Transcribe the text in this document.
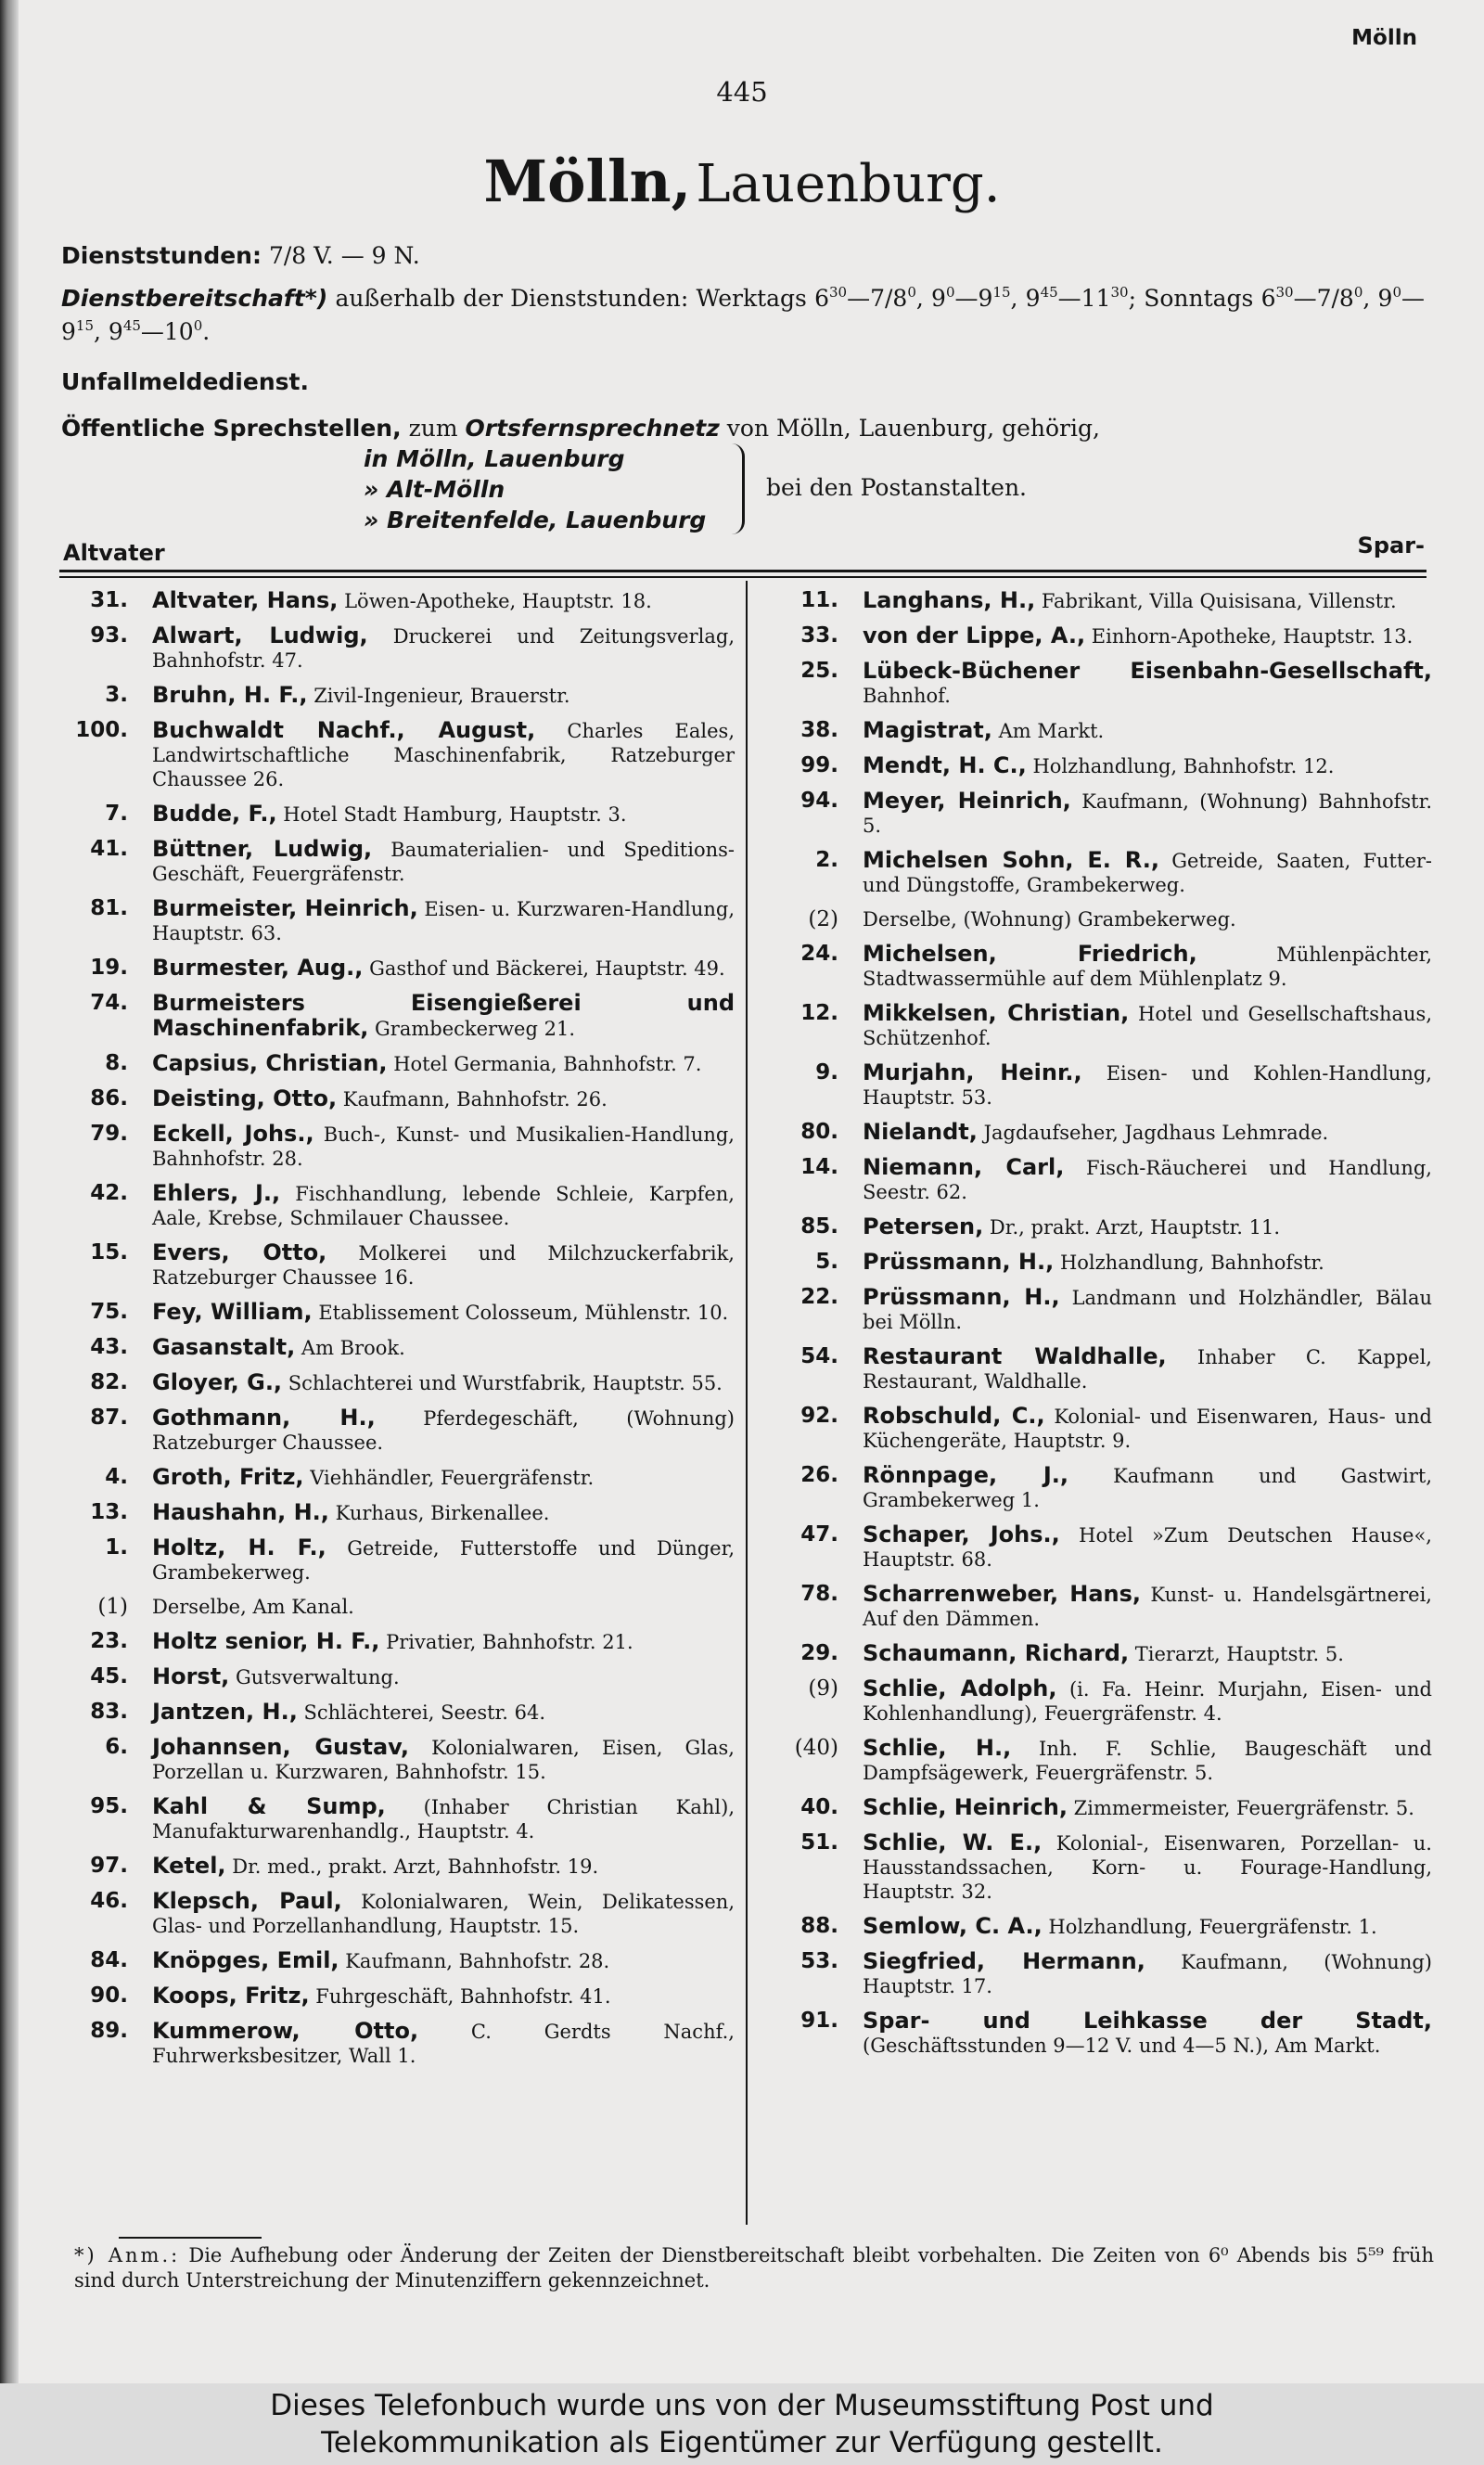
Mölln
445
Mölln, Lauenburg.
Dienststunden: 7/8 V. — 9 N.
Dienstbereitschaft*) außerhalb der Dienststunden: Werktags $6^{30}—7/8^0$, $9^0—9^{15}$, $9^{45}—11^{30}$; Sonntags $6^{30}—7/8^0$, $9^0—9^{15}$, $9^{45}—10^0$.
Unfallmeldedienst.
Öffentliche Sprechstellen, zum Ortsfernsprechnetz von Mölln, Lauenburg, gehörig,
in Mölln, Lauenburg
» Alt-Mölln
» Breitenfelde, Lauenburg
bei den Postanstalten.
Altvater	Spar-
31. Altvater, Hans, Löwen-Apotheke, Hauptstr. 18.
93. Alwart, Ludwig, Druckerei und Zeitungsverlag, Bahnhofstr. 47.
3. Bruhn, H. F., Zivil-Ingenieur, Brauerstr.
100. Buchwaldt Nachf., August, Charles Eales, Landwirtschaftliche Maschinenfabrik, Ratzeburger Chaussee 26.
7. Budde, F., Hotel Stadt Hamburg, Hauptstr. 3.
41. Büttner, Ludwig, Baumaterialien- und Speditions-Geschäft, Feuergräfenstr.
81. Burmeister, Heinrich, Eisen- u. Kurzwaren-Handlung, Hauptstr. 63.
19. Burmester, Aug., Gasthof und Bäckerei, Hauptstr. 49.
74. Burmeisters Eisengießerei und Maschinenfabrik, Grambeckerweg 21.
8. Capsius, Christian, Hotel Germania, Bahnhofstr. 7.
86. Deisting, Otto, Kaufmann, Bahnhofstr. 26.
79. Eckell, Johs., Buch-, Kunst- und Musikalien-Handlung, Bahnhofstr. 28.
42. Ehlers, J., Fischhandlung, lebende Schleie, Karpfen, Aale, Krebse, Schmilauer Chaussee.
15. Evers, Otto, Molkerei und Milchzuckerfabrik, Ratzeburger Chaussee 16.
75. Fey, William, Etablissement Colosseum, Mühlenstr. 10.
43. Gasanstalt, Am Brook.
82. Gloyer, G., Schlachterei und Wurstfabrik, Hauptstr. 55.
87. Gothmann, H., Pferdegeschäft, (Wohnung) Ratzeburger Chaussee.
4. Groth, Fritz, Viehhändler, Feuergräfenstr.
13. Haushahn, H., Kurhaus, Birkenallee.
1. Holtz, H. F., Getreide, Futterstoffe und Dünger, Grambekerweg.
(1) Derselbe, Am Kanal.
23. Holtz senior, H. F., Privatier, Bahnhofstr. 21.
45. Horst, Gutsverwaltung.
83. Jantzen, H., Schlächterei, Seestr. 64.
6. Johannsen, Gustav, Kolonialwaren, Eisen, Glas, Porzellan u. Kurzwaren, Bahnhofstr. 15.
95. Kahl & Sump, (Inhaber Christian Kahl), Manufakturwarenhandlg., Hauptstr. 4.
97. Ketel, Dr. med., prakt. Arzt, Bahnhofstr. 19.
46. Klepsch, Paul, Kolonialwaren, Wein, Delikatessen, Glas- und Porzellanhandlung, Hauptstr. 15.
84. Knöpges, Emil, Kaufmann, Bahnhofstr. 28.
90. Koops, Fritz, Fuhrgeschäft, Bahnhofstr. 41.
89. Kummerow, Otto,	C. Gerdts Nachf., Fuhrwerksbesitzer, Wall 1.
11. Langhans, H., Fabrikant, Villa Quisisana, Villenstr.
33. von der Lippe, A., Einhorn-Apotheke, Hauptstr. 13.
25. Lübeck-Büchener Eisenbahn-Gesellschaft, Bahnhof.
38. Magistrat, Am Markt.
99. Mendt, H. C., Holzhandlung, Bahnhofstr. 12.
94. Meyer, Heinrich, Kaufmann, (Wohnung) Bahnhofstr. 5.
2. Michelsen Sohn, E. R., Getreide, Saaten, Futter- und Düngstoffe, Grambekerweg.
(2) Derselbe, (Wohnung) Grambekerweg.
24. Michelsen, Friedrich,	Mühlenpächter, Stadtwassermühle auf dem Mühlenplatz 9.
12. Mikkelsen, Christian, Hotel und Gesellschaftshaus, Schützenhof.
9. Murjahn, Heinr., Eisen- und Kohlen-Handlung, Hauptstr. 53.
80. Nielandt, Jagdaufseher, Jagdhaus Lehmrade.
14. Niemann, Carl, Fisch-Räucherei und Handlung, Seestr. 62.
85. Petersen, Dr., prakt. Arzt, Hauptstr. 11.
5. Prüssmann, H., Holzhandlung, Bahnhofstr.
22. Prüssmann, H., Landmann und Holzhändler, Bälau bei Mölln.
54. Restaurant Waldhalle, Inhaber C. Kappel, Restaurant, Waldhalle.
92. Robschuld, C., Kolonial- und Eisenwaren, Haus- und Küchengeräte, Hauptstr. 9.
26. Rönnpage, J., Kaufmann und Gastwirt, Grambekerweg 1.
47. Schaper, Johs., Hotel »Zum Deutschen Hause«, Hauptstr. 68.
78. Scharrenweber, Hans, Kunst- u. Handelsgärtnerei, Auf den Dämmen.
29. Schaumann, Richard, Tierarzt, Hauptstr. 5.
(9) Schlie, Adolph, (i. Fa. Heinr. Murjahn, Eisen- und Kohlenhandlung), Feuergräfenstr. 4.
(40) Schlie, H., Inh. F. Schlie, Baugeschäft und Dampfsägewerk, Feuergräfenstr. 5.
40. Schlie, Heinrich, Zimmermeister, Feuergräfenstr. 5.
51. Schlie, W. E., Kolonial-, Eisenwaren, Porzellan- u. Hausstandssachen, Korn- u. Fourage-Handlung, Hauptstr. 32.
88. Semlow, C. A., Holzhandlung, Feuergräfenstr. 1.
53. Siegfried, Hermann, Kaufmann, (Wohnung) Hauptstr. 17.
91. Spar- und Leihkasse der Stadt, (Geschäftsstunden 9—12 V. und 4—5 N.), Am Markt.
*) Anm.: Die Aufhebung oder Änderung der Zeiten der Dienstbereitschaft bleibt vorbehalten. Die Zeiten von 6⁰ Abends bis 5⁵⁹ früh sind durch Unterstreichung der Minutenziffern gekennzeichnet.
Dieses Telefonbuch wurde uns von der Museumsstiftung Post und
Telekommunikation als Eigentümer zur Verfügung gestellt.
